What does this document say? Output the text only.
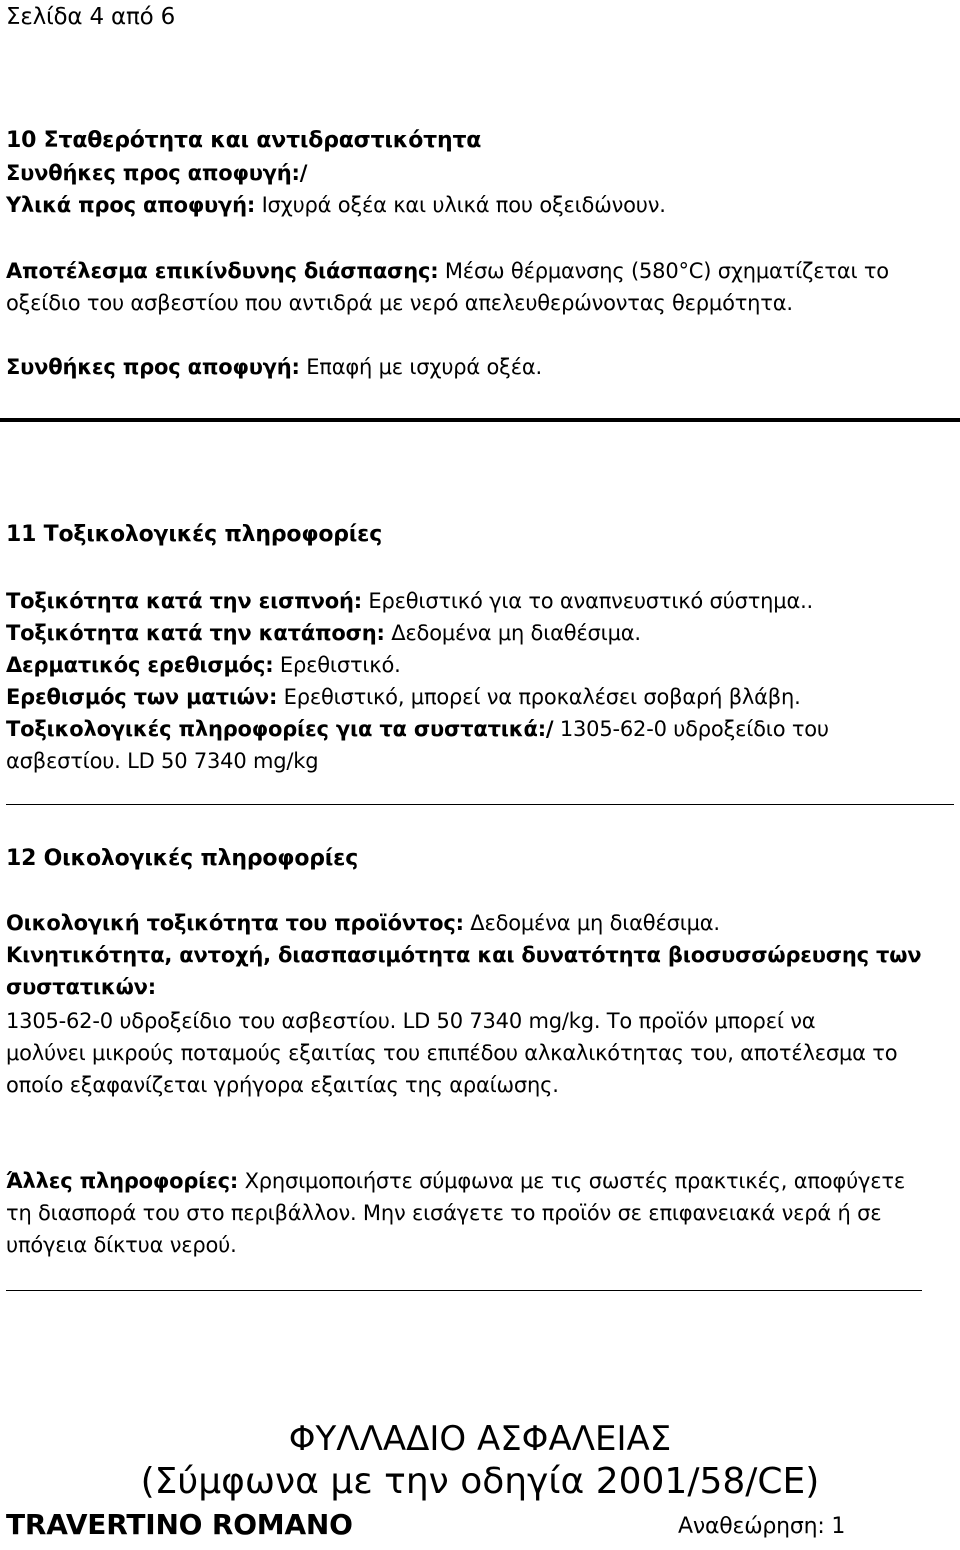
Σελίδα 4 από 6
10 Σταθερότητα και αντιδραστικότητα
Συνθήκες προς αποφυγή:/
Υλικά προς αποφυγή: Ισχυρά οξέα και υλικά που οξειδώνουν.
Αποτέλεσμα επικίνδυνης διάσπασης: Μέσω θέρμανσης (580°C) σχηματίζεται το
οξείδιο του ασβεστίου που αντιδρά με νερό απελευθερώνοντας θερμότητα.
Συνθήκες προς αποφυγή: Επαφή με ισχυρά οξέα.
11 Τοξικολογικές πληροφορίες
Τοξικότητα κατά την εισπνοή: Ερεθιστικό για το αναπνευστικό σύστημα..
Τοξικότητα κατά την κατάποση: Δεδομένα μη διαθέσιμα.
Δερματικός ερεθισμός: Ερεθιστικό.
Ερεθισμός των ματιών: Ερεθιστικό, μπορεί να προκαλέσει σοβαρή βλάβη.
Τοξικολογικές πληροφορίες για τα συστατικά:/ 1305-62-0 υδροξείδιο του
ασβεστίου. LD 50 7340 mg/kg
12 Οικολογικές πληροφορίες
Οικολογική τοξικότητα του προϊόντος: Δεδομένα μη διαθέσιμα.
Κινητικότητα, αντοχή, διασπασιμότητα και δυνατότητα βιοσυσσώρευσης των
συστατικών:
1305-62-0 υδροξείδιο του ασβεστίου. LD 50 7340 mg/kg. Το προϊόν μπορεί να
μολύνει μικρούς ποταμούς εξαιτίας του επιπέδου αλκαλικότητας του, αποτέλεσμα το
οποίο εξαφανίζεται γρήγορα εξαιτίας της αραίωσης.
Άλλες πληροφορίες: Χρησιμοποιήστε σύμφωνα με τις σωστές πρακτικές, αποφύγετε
τη διασπορά του στο περιβάλλον. Μην εισάγετε το προϊόν σε επιφανειακά νερά ή σε
υπόγεια δίκτυα νερού.
ΦΥΛΛΑΔΙΟ ΑΣΦΑΛΕΙΑΣ
(Σύμφωνα με την οδηγία 2001/58/CE)
TRAVERTINO ROMANO	Αναθεώρηση: 1
